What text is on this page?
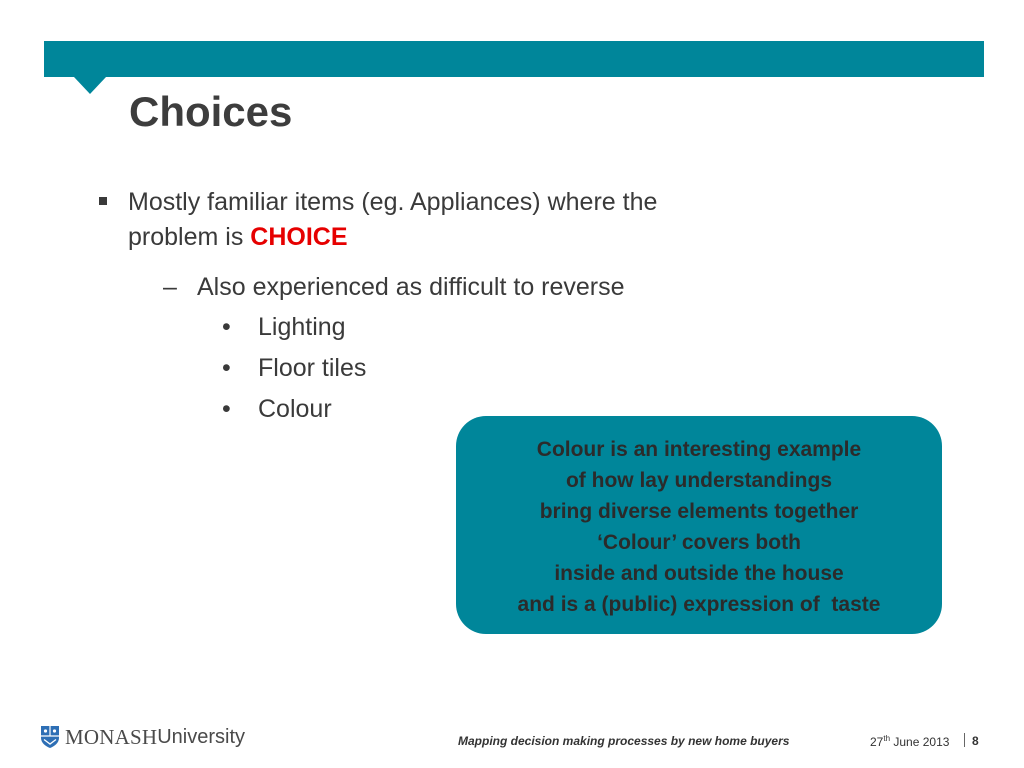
Choices
Mostly familiar items (eg. Appliances) where the problem is CHOICE
– Also experienced as difficult to reverse
• Lighting
• Floor tiles
• Colour
Colour is an interesting example
of how lay understandings
bring diverse elements together
‘Colour’ covers both
inside and outside the house
and is a (public) expression of  taste
MONASH University	Mapping decision making processes by new home buyers	27th June 2013 8
